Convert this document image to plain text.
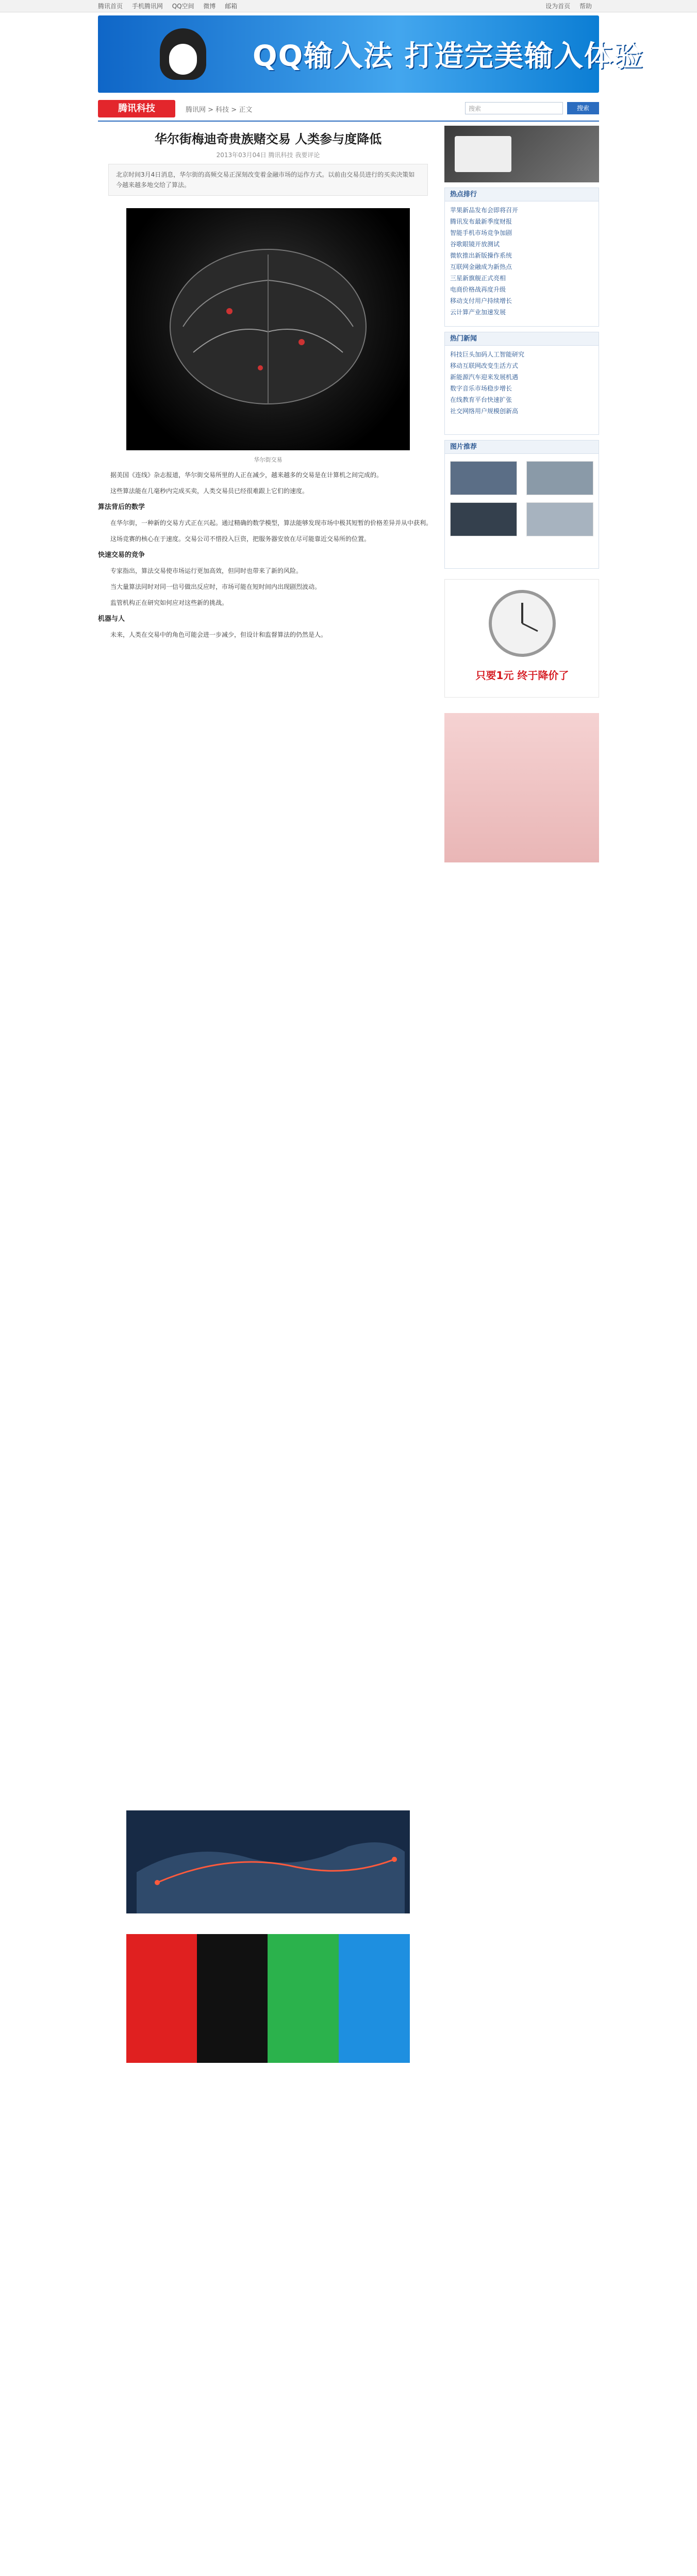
腾讯首页 手机腾讯网 QQ空间 微博 邮箱	设为首页 帮助
QQ输入法 打造完美输入体验
腾讯科技	腾讯网 > 科技 > 正文	搜索	搜索
华尔街梅迪奇贵族赌交易 人类参与度降低
2013年03月04日 腾讯科技 我要评论
北京时间3月4日消息，华尔街的高频交易正深刻改变着金融市场的运作方式。以前由交易员进行的买卖决策如今越来越多地交给了算法。
华尔街交易

据美国《连线》杂志报道，华尔街交易所里的人正在减少，越来越多的交易是在计算机之间完成的。

这些算法能在几毫秒内完成买卖，人类交易员已经很难跟上它们的速度。

算法背后的数学

在华尔街，一种新的交易方式正在兴起。通过精确的数学模型，算法能够发现市场中极其短暂的价格差异并从中获利。

这场竞赛的核心在于速度。交易公司不惜投入巨资，把服务器安放在尽可能靠近交易所的位置。

快速交易的竞争

专家指出，算法交易使市场运行更加高效，但同时也带来了新的风险。

当大量算法同时对同一信号做出反应时，市场可能在短时间内出现剧烈波动。

监管机构正在研究如何应对这些新的挑战。

机器与人

未来，人类在交易中的角色可能会进一步减少，但设计和监督算法的仍然是人。

热点排行
苹果新品发布会即将召开
腾讯发布最新季度财报
智能手机市场竞争加剧
谷歌眼镜开放测试
微软推出新版操作系统
互联网金融成为新热点
三星新旗舰正式亮相
电商价格战再度升级
移动支付用户持续增长
云计算产业加速发展
热门新闻
科技巨头加码人工智能研究
移动互联网改变生活方式
新能源汽车迎来发展机遇
数字音乐市场稳步增长
在线教育平台快速扩张
社交网络用户规模创新高
图片推荐
只要1元 终于降价了
